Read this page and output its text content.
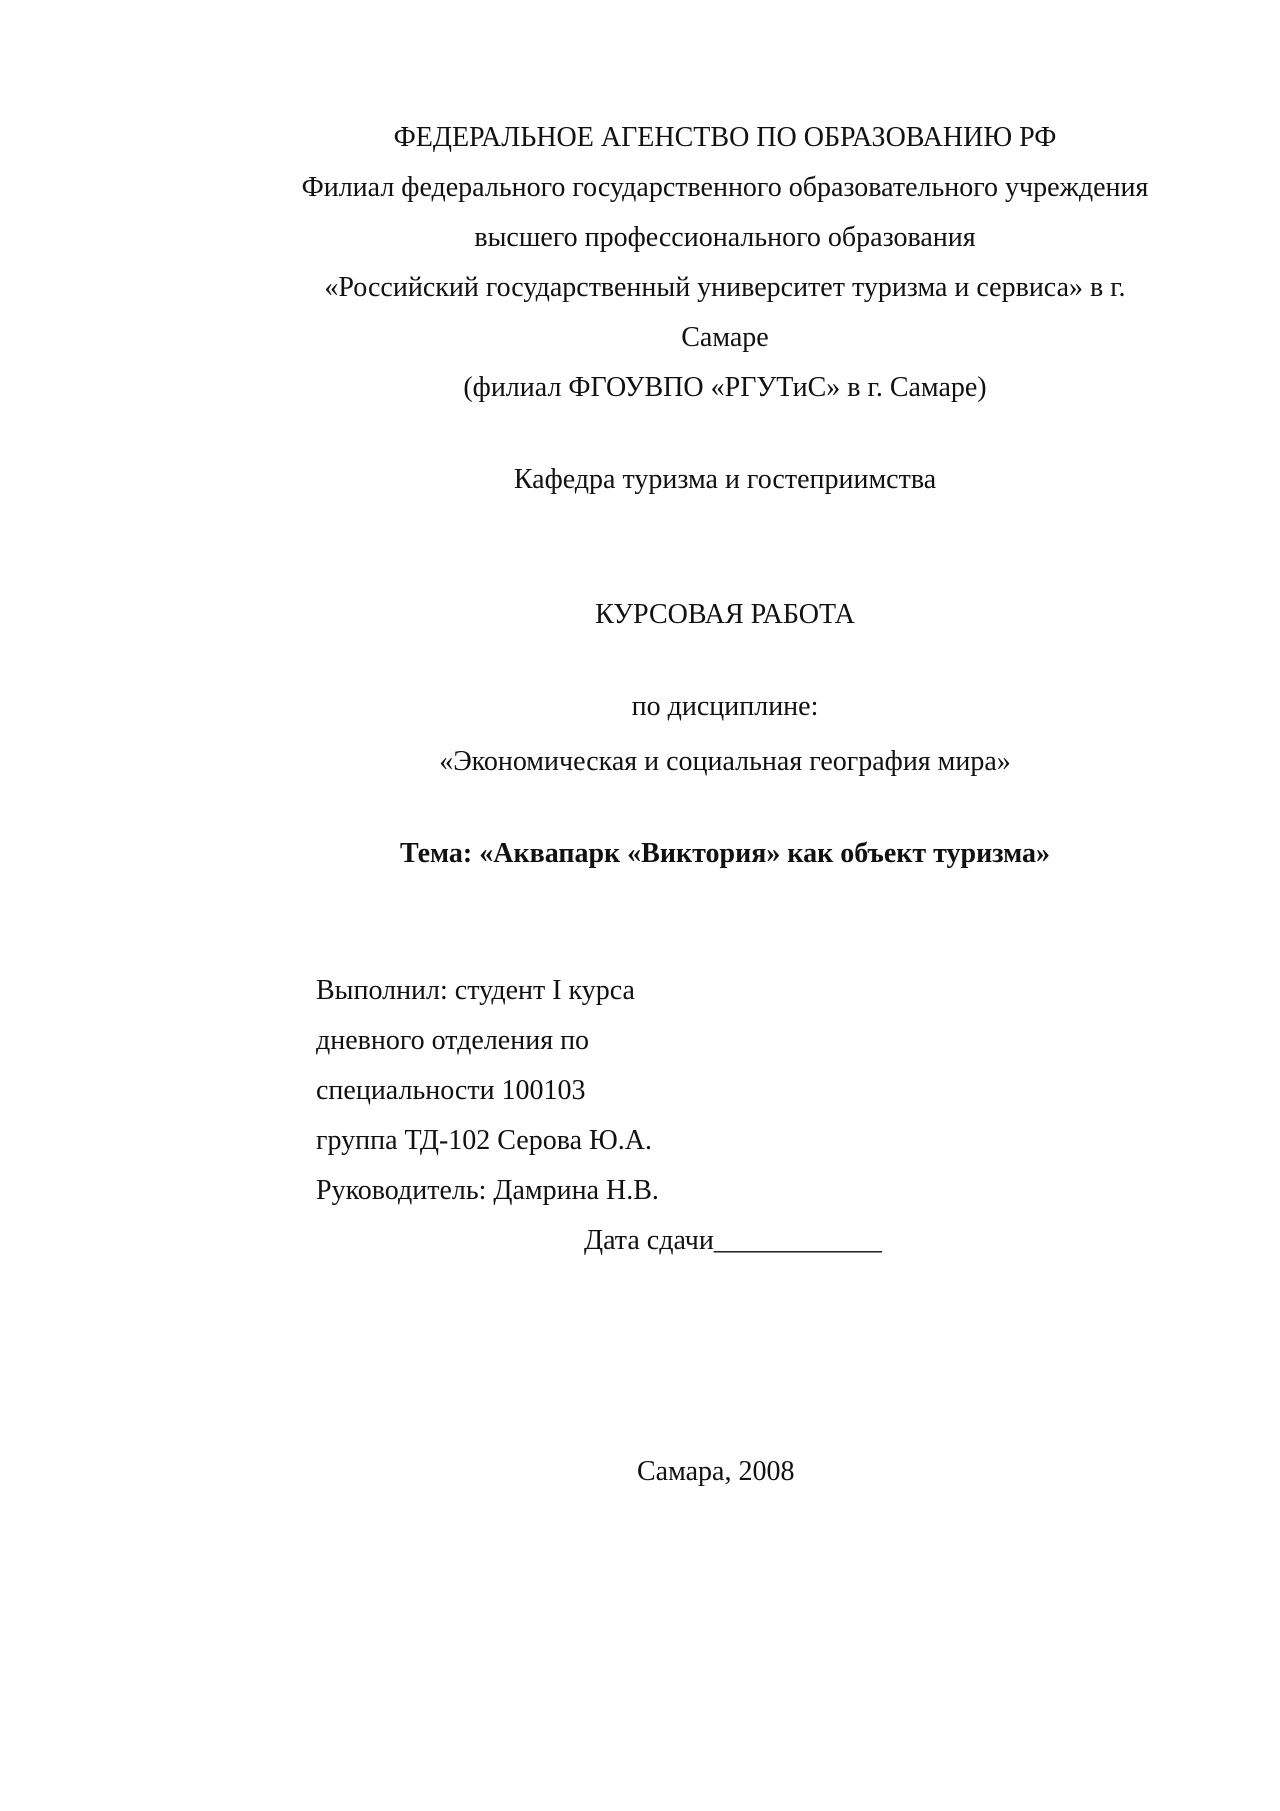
ФЕДЕРАЛЬНОЕ АГЕНСТВО ПО ОБРАЗОВАНИЮ РФ
Филиал федерального государственного образовательного учреждения
высшего профессионального образования
«Российский государственный университет туризма и сервиса» в г.
Самаре
(филиал ФГОУВПО «РГУТиС» в г. Самаре)
Кафедра туризма и гостеприимства
КУРСОВАЯ РАБОТА
по дисциплине:
«Экономическая и социальная география мира»
Тема: «Аквапарк «Виктория» как объект туризма»
Выполнил: студент I курса
дневного отделения по
специальности 100103
группа ТД-102 Серова Ю.А.
Руководитель: Дамрина Н.В.
Дата сдачи____________
Самара, 2008
